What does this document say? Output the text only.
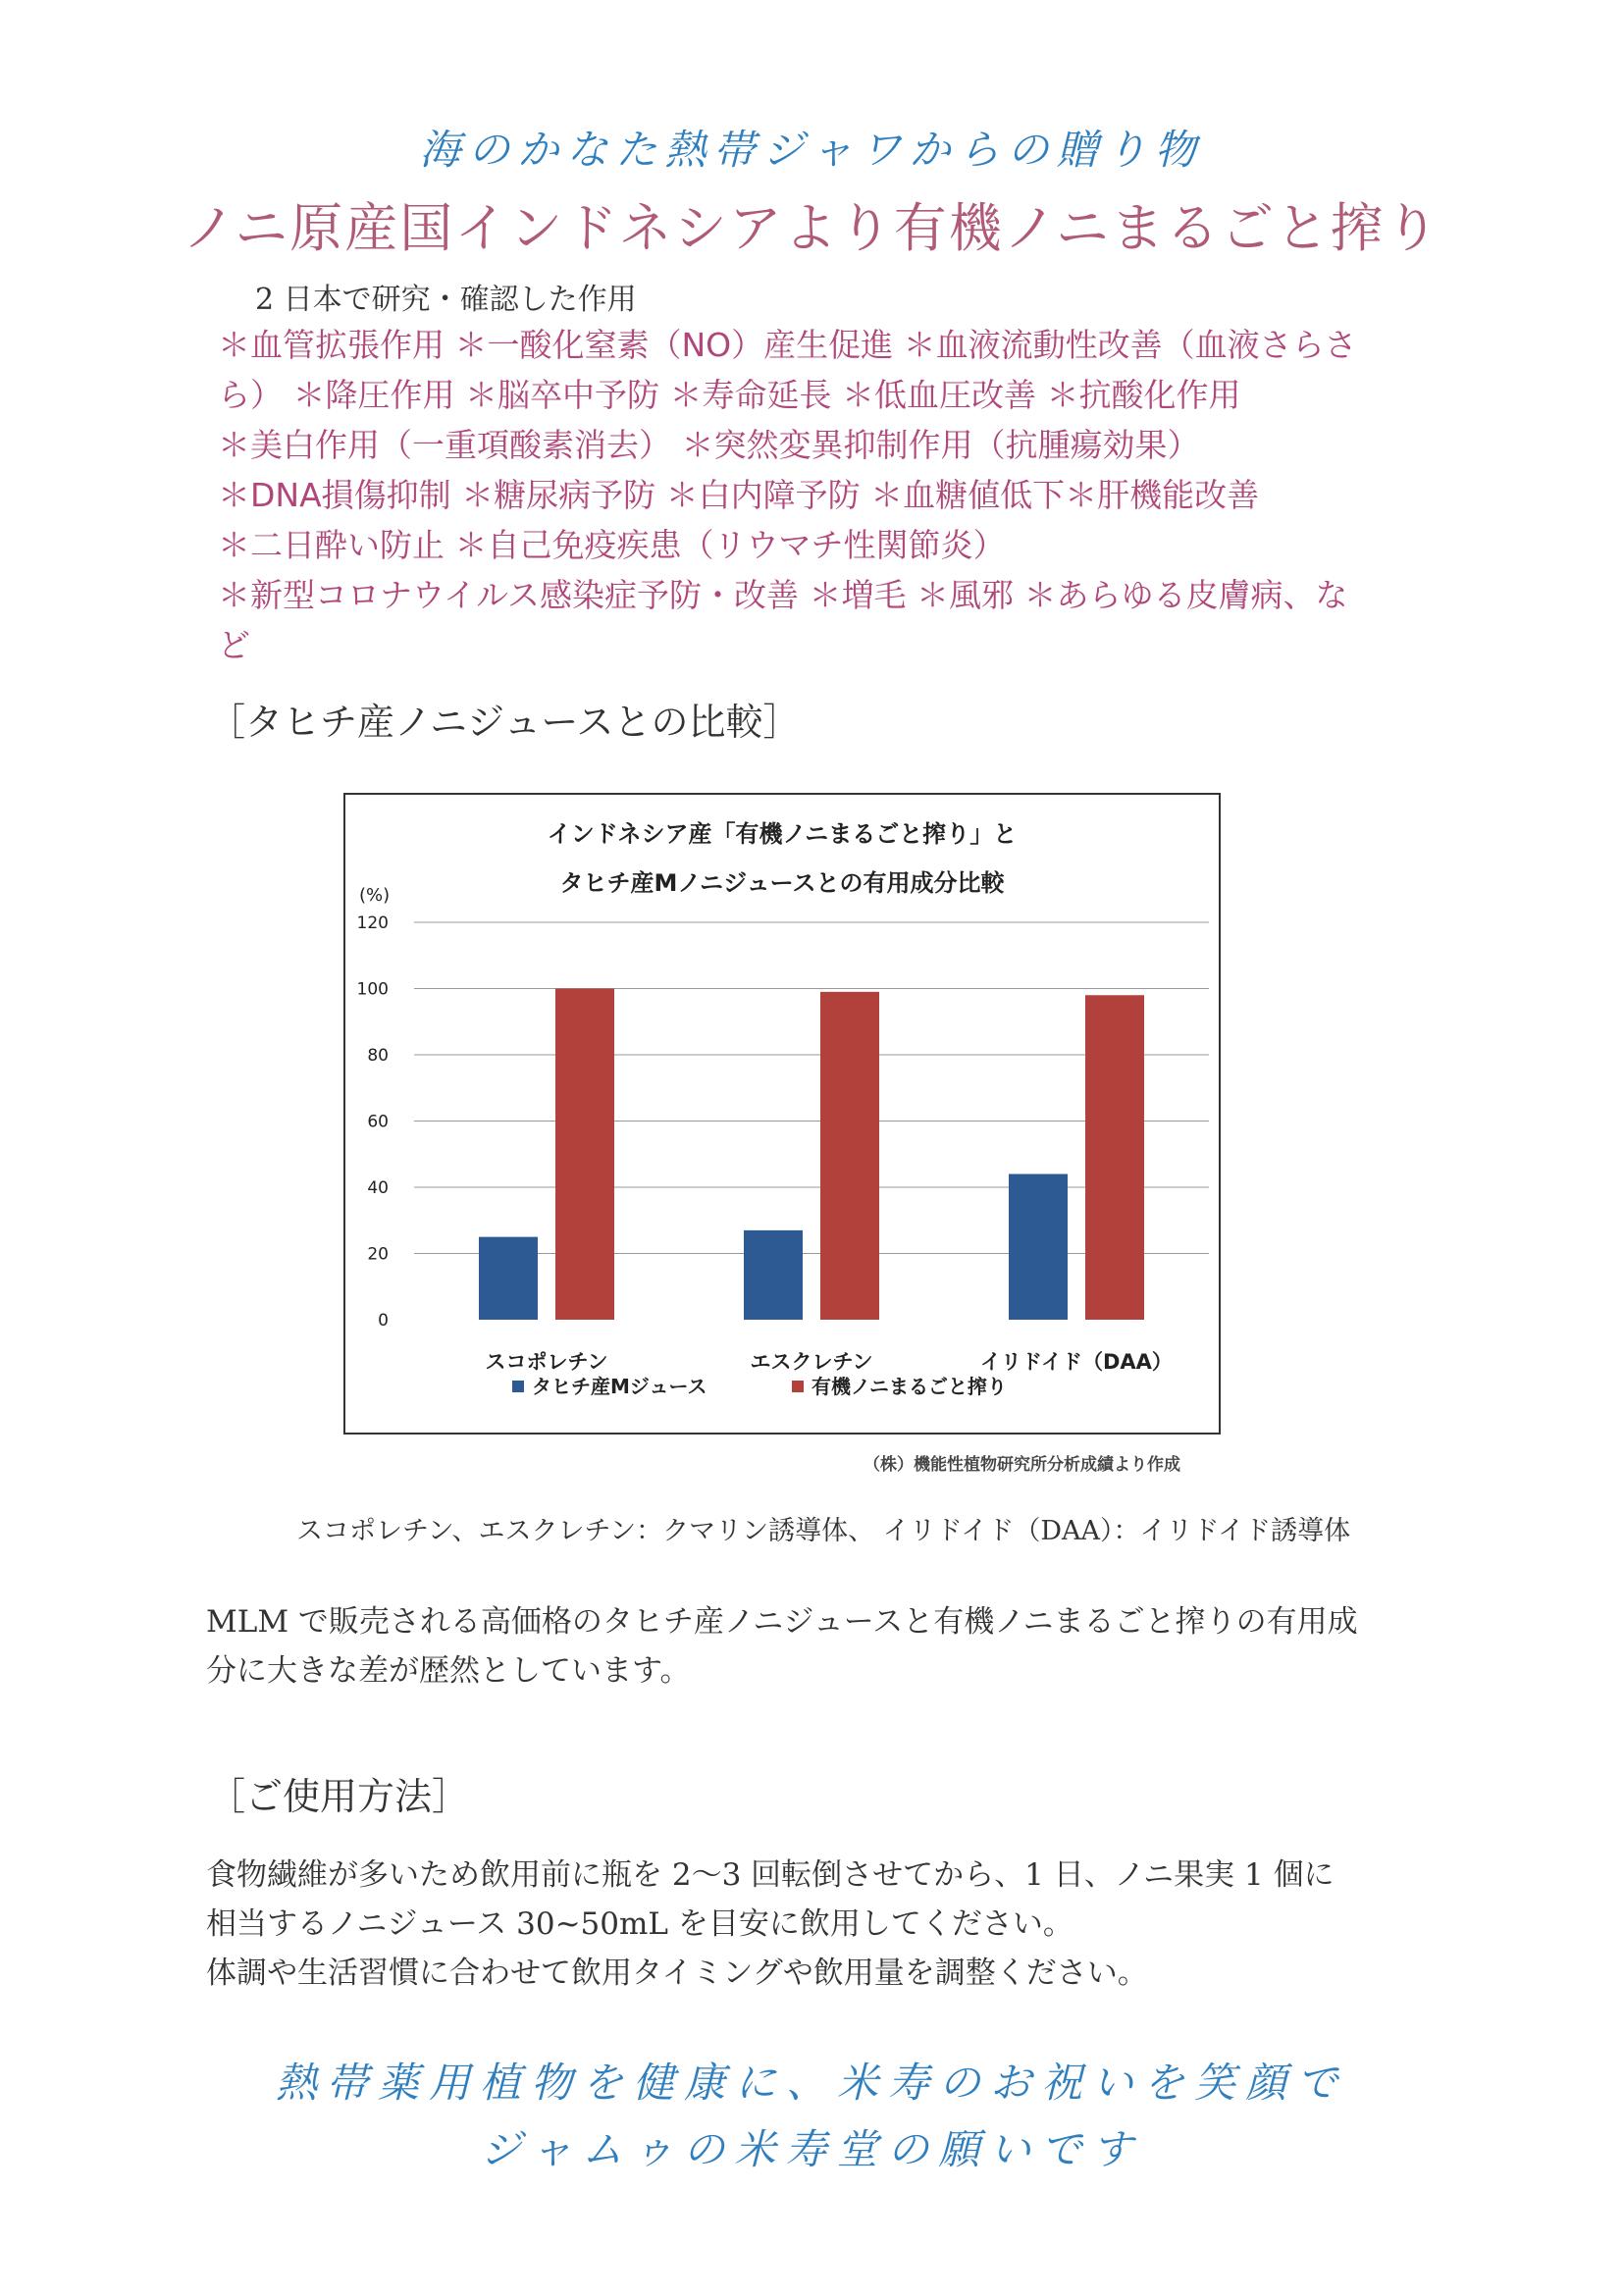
海のかなた熱帯ジャワからの贈り物
ノニ原産国インドネシアより有機ノニまるごと搾り
2 日本で研究・確認した作用
＊血管拡張作用 ＊一酸化窒素（NO）産生促進 ＊血液流動性改善（血液さらさ
ら） ＊降圧作用 ＊脳卒中予防 ＊寿命延長 ＊低血圧改善 ＊抗酸化作用
＊美白作用（一重項酸素消去） ＊突然変異抑制作用（抗腫瘍効果）
＊DNA損傷抑制 ＊糖尿病予防 ＊白内障予防 ＊血糖値低下＊肝機能改善
＊二日酔い防止 ＊自己免疫疾患（リウマチ性関節炎）
＊新型コロナウイルス感染症予防・改善 ＊増毛 ＊風邪 ＊あらゆる皮膚病、など
［タヒチ産ノニジュースとの比較］
インドネシア産「有機ノニまるごと搾り」と
タヒチ産Mノニジュースとの有用成分比較
(%)
0
20
40
60
80
100
120
スコポレチン	エスクレチン	イリドイド（DAA）
タヒチ産Mジュース	有機ノニまるごと搾り
（株）機能性植物研究所分析成績より作成
スコポレチン、エスクレチン：クマリン誘導体、 イリドイド（DAA）：イリドイド誘導体
MLM で販売される高価格のタヒチ産ノニジュースと有機ノニまるごと搾りの有用成
分に大きな差が歴然としています。
［ご使用方法］
食物繊維が多いため飲用前に瓶を 2〜3 回転倒させてから、1 日、ノニ果実 1 個に
相当するノニジュース 30~50mL を目安に飲用してください。
体調や生活習慣に合わせて飲用タイミングや飲用量を調整ください。
熱帯薬用植物を健康に、米寿のお祝いを笑顔で
ジャムゥの米寿堂の願いです
